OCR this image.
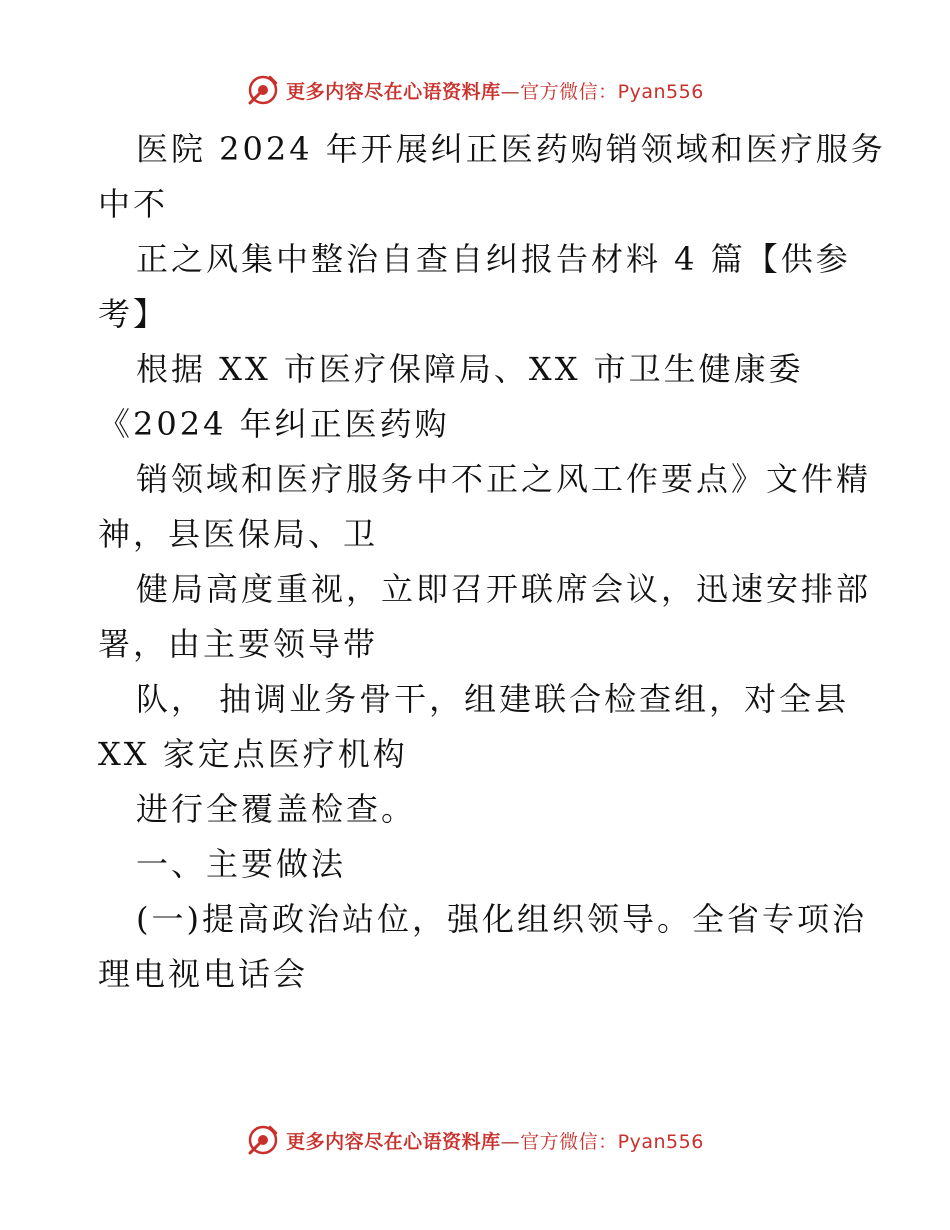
更多内容尽在心语资料库—官方微信：Pyan556
医院 2024 年开展纠正医药购销领域和医疗服务
中不
正之风集中整治自查自纠报告材料 4 篇【供参
考】
根据 XX 市医疗保障局、XX 市卫生健康委
《2024 年纠正医药购
销领域和医疗服务中不正之风工作要点》文件精
神，县医保局、卫
健局高度重视，立即召开联席会议，迅速安排部
署，由主要领导带
队， 抽调业务骨干，组建联合检查组，对全县
XX 家定点医疗机构
进行全覆盖检查。
一、主要做法
(一)提高政治站位，强化组织领导。全省专项治
理电视电话会
更多内容尽在心语资料库—官方微信：Pyan556
